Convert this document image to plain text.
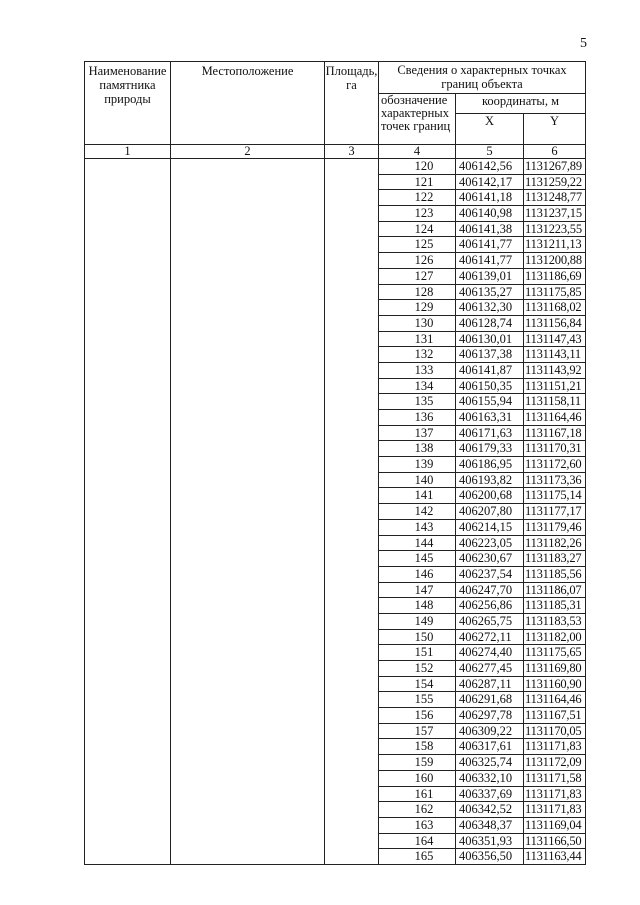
5
Наименование памятника природы	Местоположение	Площадь, га	Сведения о характерных точках границ объекта		
			обозначение характерных точек границ	координаты, м	
				X	Y
1	2	3	4	5	6
			120	406142,56	1131267,89
			121	406142,17	1131259,22
			122	406141,18	1131248,77
			123	406140,98	1131237,15
			124	406141,38	1131223,55
			125	406141,77	1131211,13
			126	406141,77	1131200,88
			127	406139,01	1131186,69
			128	406135,27	1131175,85
			129	406132,30	1131168,02
			130	406128,74	1131156,84
			131	406130,01	1131147,43
			132	406137,38	1131143,11
			133	406141,87	1131143,92
			134	406150,35	1131151,21
			135	406155,94	1131158,11
			136	406163,31	1131164,46
			137	406171,63	1131167,18
			138	406179,33	1131170,31
			139	406186,95	1131172,60
			140	406193,82	1131173,36
			141	406200,68	1131175,14
			142	406207,80	1131177,17
			143	406214,15	1131179,46
			144	406223,05	1131182,26
			145	406230,67	1131183,27
			146	406237,54	1131185,56
			147	406247,70	1131186,07
			148	406256,86	1131185,31
			149	406265,75	1131183,53
			150	406272,11	1131182,00
			151	406274,40	1131175,65
			152	406277,45	1131169,80
			154	406287,11	1131160,90
			155	406291,68	1131164,46
			156	406297,78	1131167,51
			157	406309,22	1131170,05
			158	406317,61	1131171,83
			159	406325,74	1131172,09
			160	406332,10	1131171,58
			161	406337,69	1131171,83
			162	406342,52	1131171,83
			163	406348,37	1131169,04
			164	406351,93	1131166,50
			165	406356,50	1131163,44
